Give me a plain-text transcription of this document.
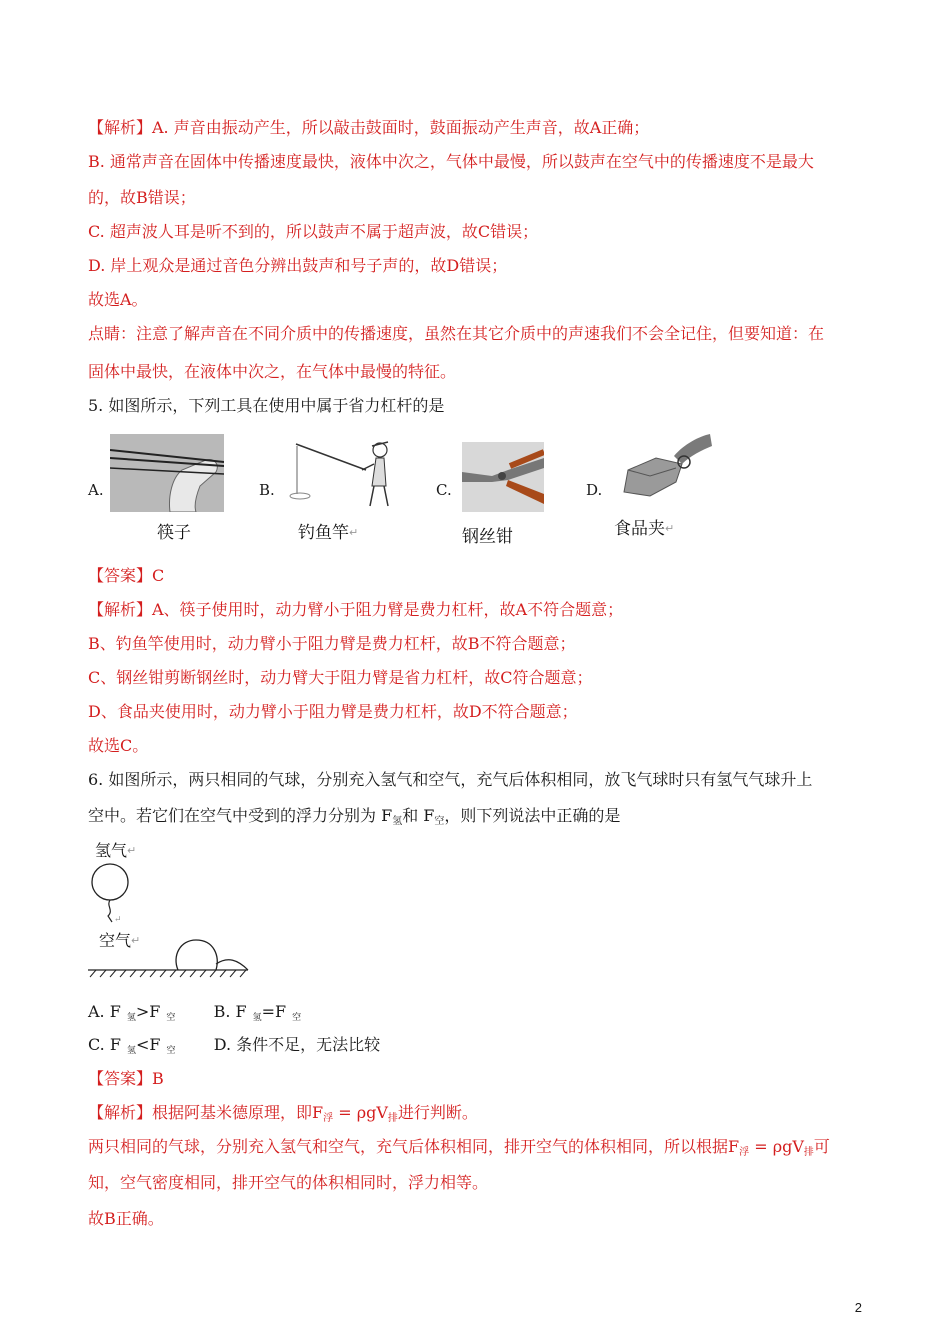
【解析】A. 声音由振动产生，所以敲击鼓面时，鼓面振动产生声音，故A正确；
B. 通常声音在固体中传播速度最快，液体中次之，气体中最慢，所以鼓声在空气中的传播速度不是最大
的，故B错误；
C. 超声波人耳是听不到的，所以鼓声不属于超声波，故C错误；
D. 岸上观众是通过音色分辨出鼓声和号子声的，故D错误；
故选A。
点睛：注意了解声音在不同介质中的传播速度，虽然在其它介质中的声速我们不会全记住，但要知道：在
固体中最快，在液体中次之，在气体中最慢的特征。
5. 如图所示，下列工具在使用中属于省力杠杆的是
A.	B.	C.	D.
筷子	钓鱼竿↵	钢丝钳	食品夹↵
【答案】C
【解析】A、筷子使用时，动力臂小于阻力臂是费力杠杆，故A不符合题意；
B、钓鱼竿使用时，动力臂小于阻力臂是费力杠杆，故B不符合题意；
C、钢丝钳剪断钢丝时，动力臂大于阻力臂是省力杠杆，故C符合题意；
D、食品夹使用时，动力臂小于阻力臂是费力杠杆，故D不符合题意；
故选C。
6. 如图所示，两只相同的气球，分别充入氢气和空气，充气后体积相同，放飞气球时只有氢气气球升上
空中。若它们在空气中受到的浮力分别为 $F_氢$和 $F_空$，则下列说法中正确的是
氢气↵
空气↵
↵
A. F 氢>F 空 B. F 氢=F 空
C. F 氢<F 空 D. 条件不足，无法比较
【答案】B
【解析】根据阿基米德原理，即$F_浮 = \rho gV_排$进行判断。
两只相同的气球，分别充入氢气和空气，充气后体积相同，排开空气的体积相同，所以根据$F_浮 = \rho gV_排$可
知，空气密度相同，排开空气的体积相同时，浮力相等。
故B正确。
2
